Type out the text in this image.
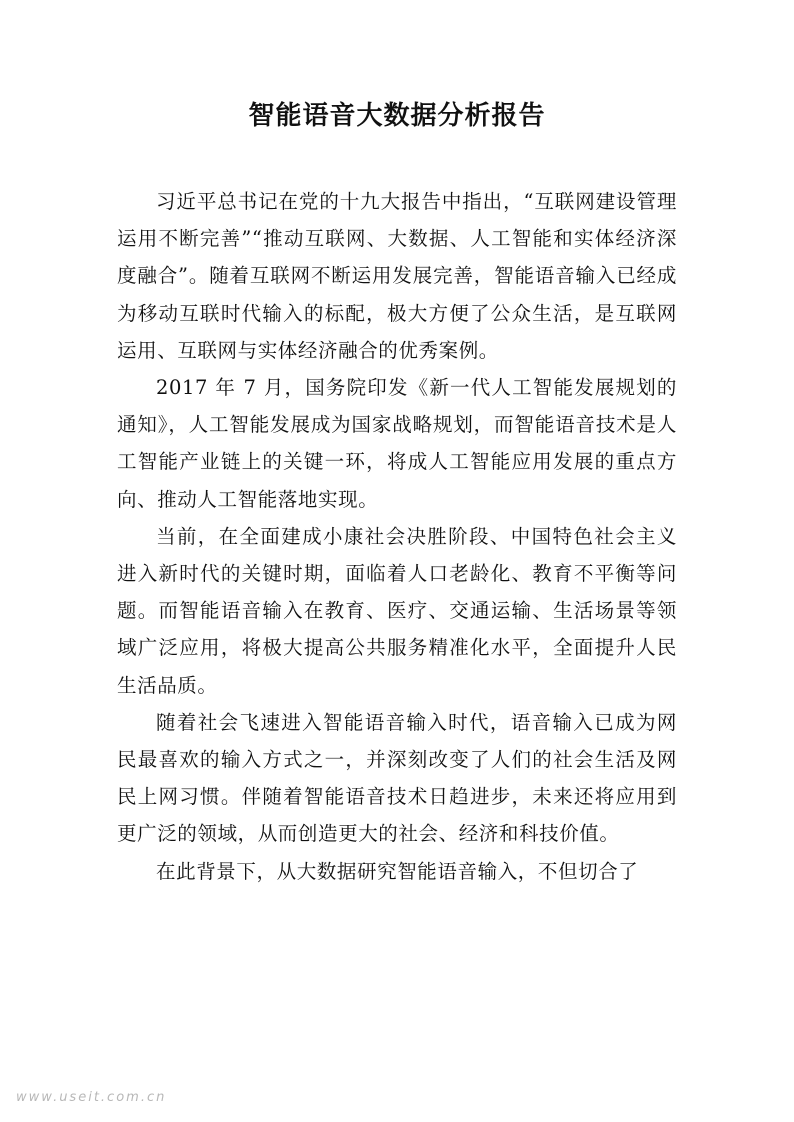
智能语音大数据分析报告

习近平总书记在党的十九大报告中指出，“互联网建设管理运用不断完善”“推动互联网、大数据、人工智能和实体经济深度融合”。随着互联网不断运用发展完善，智能语音输入已经成为移动互联时代输入的标配，极大方便了公众生活，是互联网运用、互联网与实体经济融合的优秀案例。

2017 年 7 月，国务院印发《新一代人工智能发展规划的通知》，人工智能发展成为国家战略规划，而智能语音技术是人工智能产业链上的关键一环，将成人工智能应用发展的重点方向、推动人工智能落地实现。

当前，在全面建成小康社会决胜阶段、中国特色社会主义进入新时代的关键时期，面临着人口老龄化、教育不平衡等问题。而智能语音输入在教育、医疗、交通运输、生活场景等领域广泛应用，将极大提高公共服务精准化水平，全面提升人民生活品质。

随着社会飞速进入智能语音输入时代，语音输入已成为网民最喜欢的输入方式之一，并深刻改变了人们的社会生活及网民上网习惯。伴随着智能语音技术日趋进步，未来还将应用到更广泛的领域，从而创造更大的社会、经济和科技价值。

在此背景下，从大数据研究智能语音输入，不但切合了

www.useit.com.cn
